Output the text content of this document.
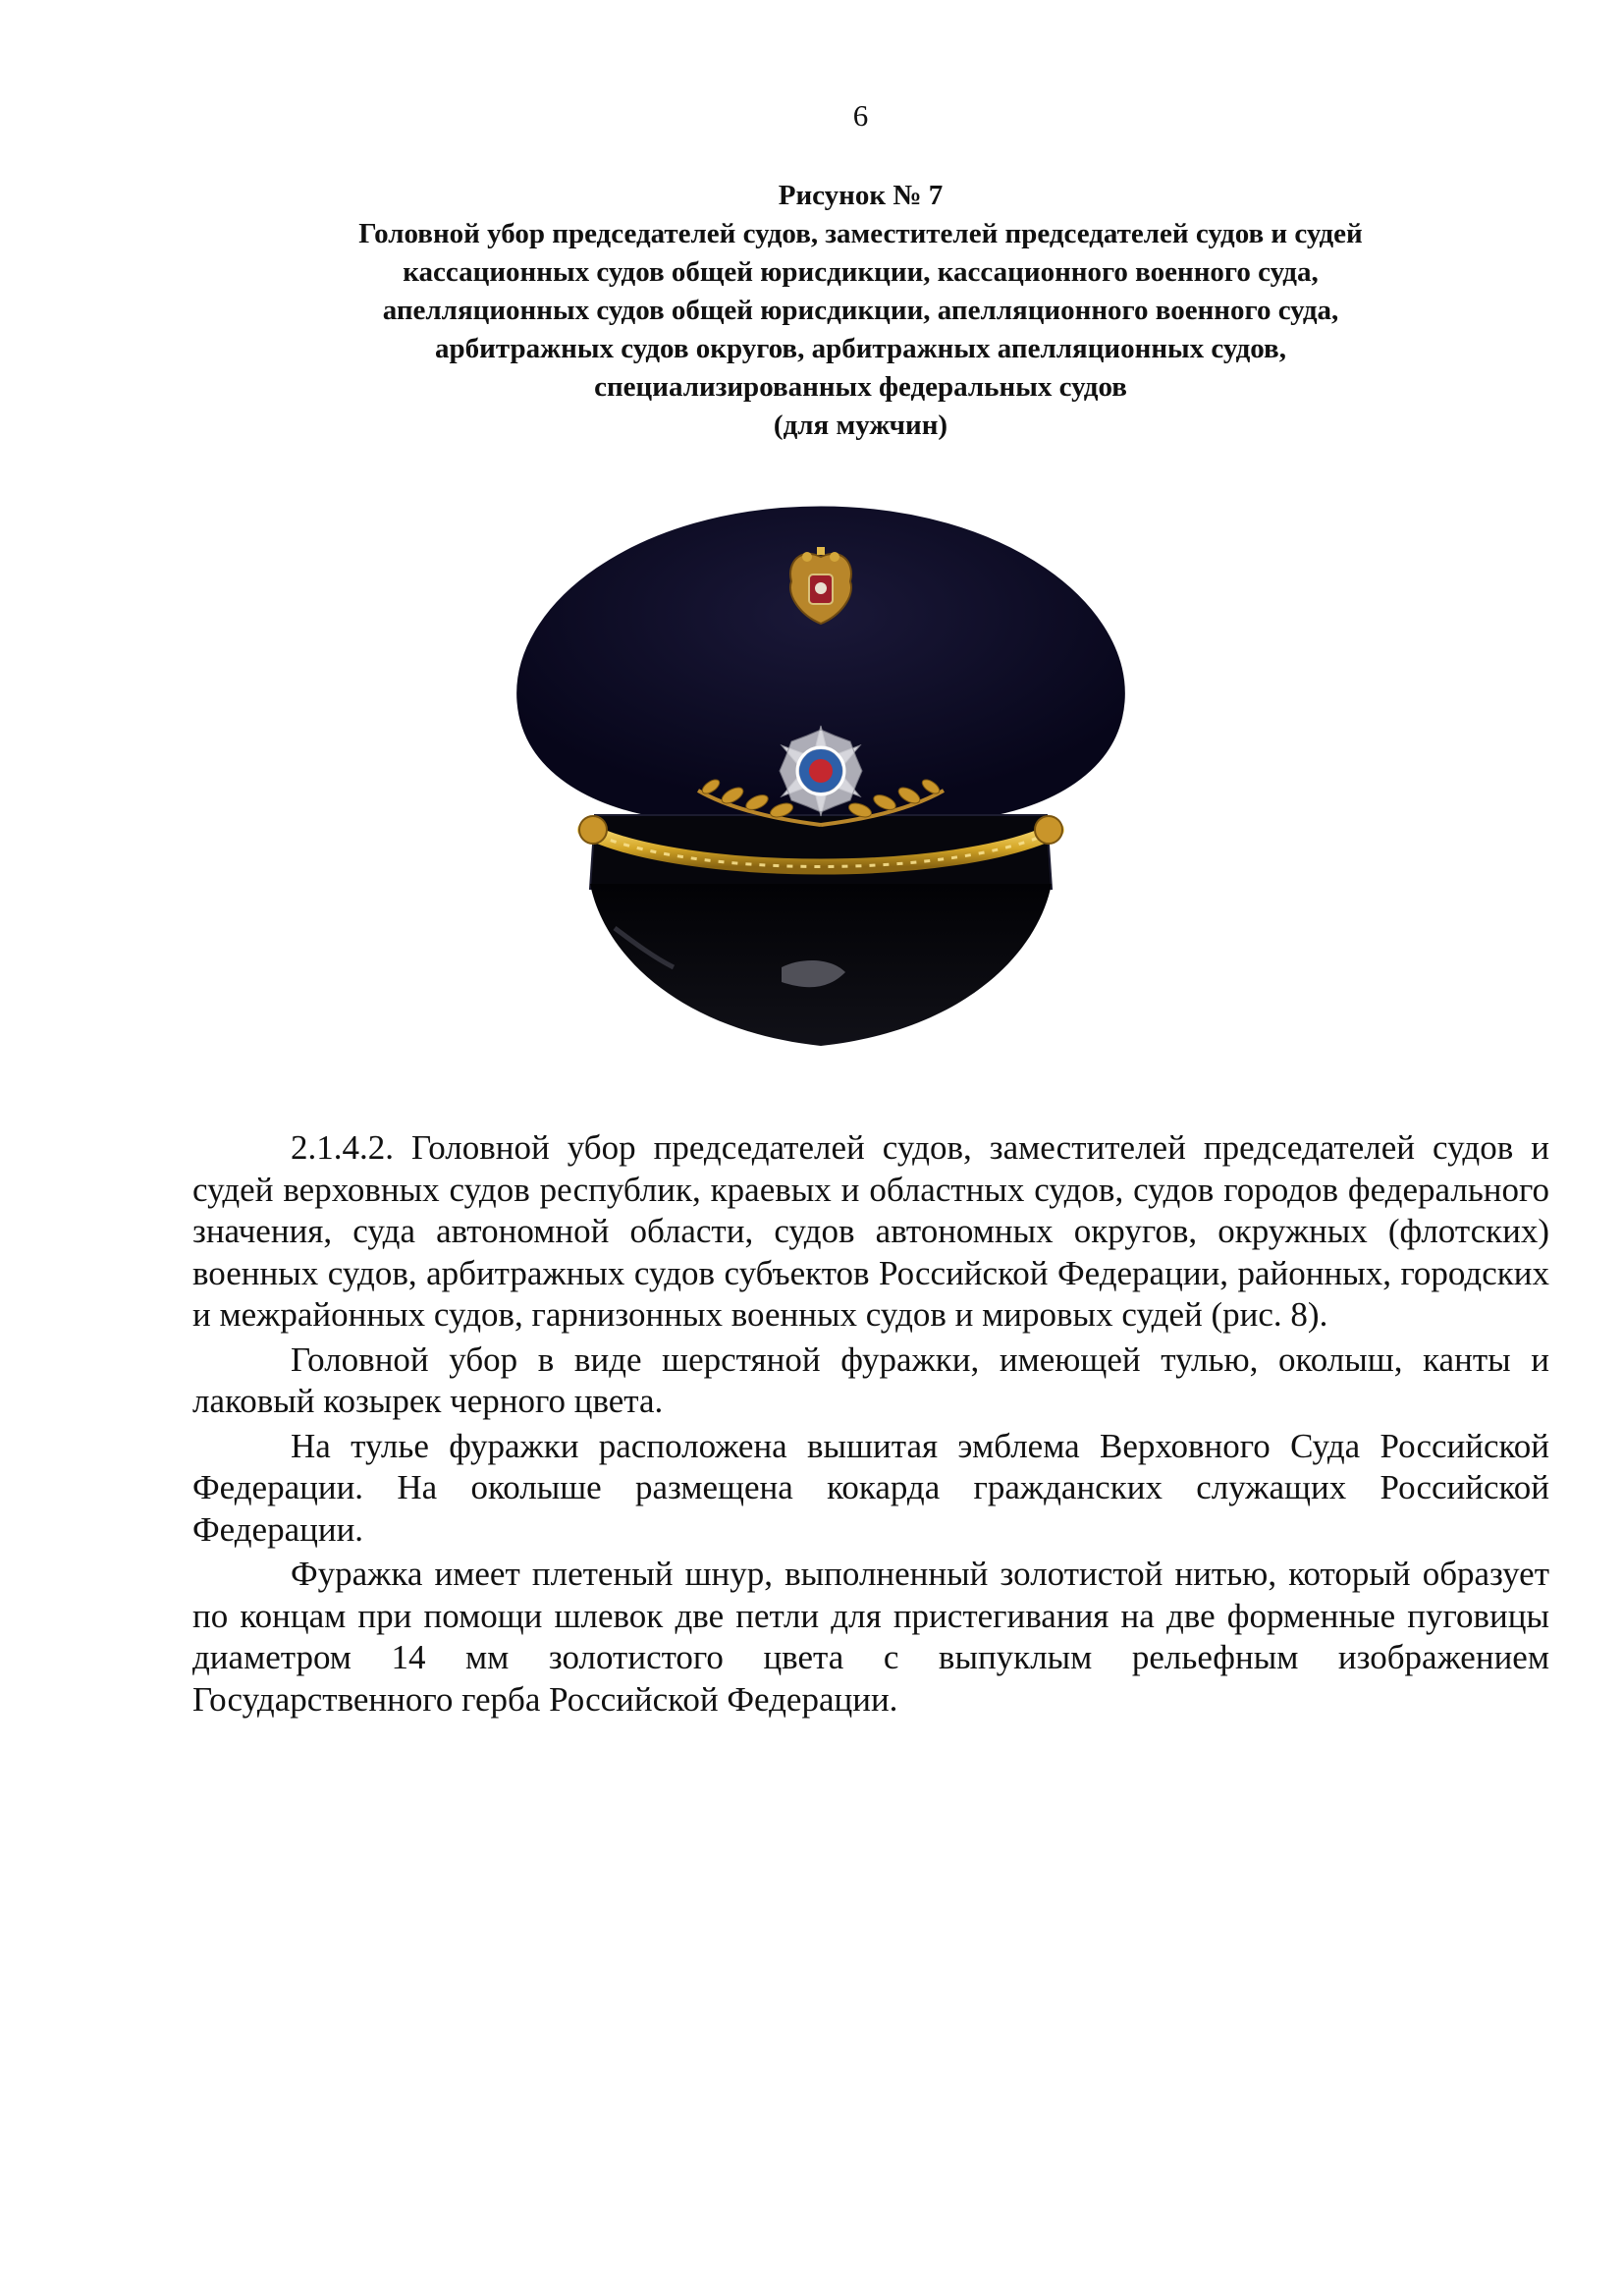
6
Рисунок № 7
Головной убор председателей судов, заместителей председателей судов и судей
кассационных судов общей юрисдикции, кассационного военного суда,
апелляционных судов общей юрисдикции, апелляционного военного суда,
арбитражных судов округов, арбитражных апелляционных судов,
специализированных федеральных судов
(для мужчин)

2.1.4.2. Головной убор председателей судов, заместителей председателей судов и судей верховных судов республик, краевых и областных судов, судов городов федерального значения, суда автономной области, судов автономных округов, окружных (флотских) военных судов, арбитражных судов субъектов Российской Федерации, районных, городских и межрайонных судов, гарнизонных военных судов и мировых судей (рис. 8).

Головной убор в виде шерстяной фуражки, имеющей тулью, околыш, канты и лаковый козырек черного цвета.

На тулье фуражки расположена вышитая эмблема Верховного Суда Российской Федерации. На околыше размещена кокарда гражданских служащих Российской Федерации.

Фуражка имеет плетеный шнур, выполненный золотистой нитью, который образует по концам при помощи шлевок две петли для пристегивания на две форменные пуговицы диаметром 14 мм золотистого цвета с выпуклым рельефным изображением Государственного герба Российской Федерации.
